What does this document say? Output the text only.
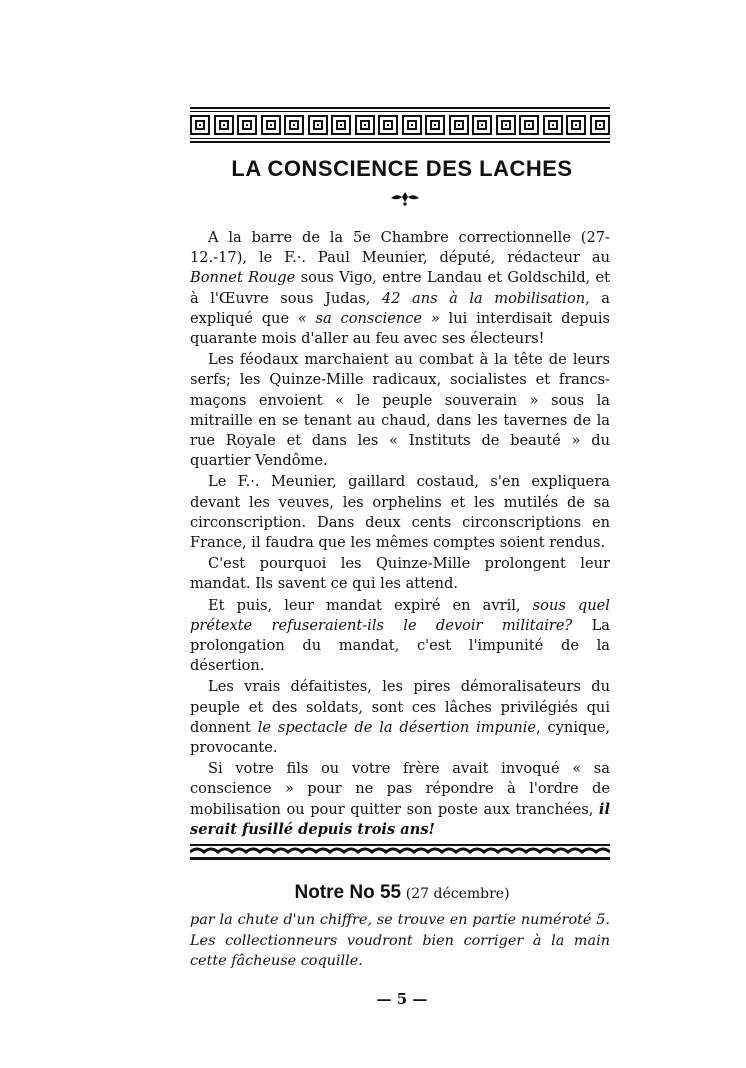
LA CONSCIENCE DES LACHES

A la barre de la 5e Chambre correctionnelle (27-12.-17), le F.·. Paul Meunier, député, rédacteur au Bonnet Rouge sous Vigo, entre Landau et Goldschild, et à l'Œuvre sous Judas, 42 ans à la mobilisation, a expliqué que « sa conscience » lui interdisait depuis quarante mois d'aller au feu avec ses électeurs!

Les féodaux marchaient au combat à la tête de leurs serfs; les Quinze-Mille radicaux, socialistes et francs-maçons envoient « le peuple souverain » sous la mitraille en se tenant au chaud, dans les tavernes de la rue Royale et dans les « Instituts de beauté » du quartier Vendôme.

Le F.·. Meunier, gaillard costaud, s'en expliquera devant les veuves, les orphelins et les mutilés de sa circonscription. Dans deux cents circonscriptions en France, il faudra que les mêmes comptes soient rendus.

C'est pourquoi les Quinze-Mille prolongent leur mandat. Ils savent ce qui les attend.

Et puis, leur mandat expiré en avril, sous quel prétexte refuseraient-ils le devoir militaire? La prolongation du mandat, c'est l'impunité de la désertion.

Les vrais défaitistes, les pires démoralisateurs du peuple et des soldats, sont ces lâches privilégiés qui donnent le spectacle de la désertion impunie, cynique, provocante.

Si votre fils ou votre frère avait invoqué « sa conscience » pour ne pas répondre à l'ordre de mobilisation ou pour quitter son poste aux tranchées, il serait fusillé depuis trois ans!

Notre No 55 (27 décembre)

par la chute d'un chiffre, se trouve en partie numéroté 5. Les collectionneurs voudront bien corriger à la main cette fâcheuse coquille.

— 5 —
